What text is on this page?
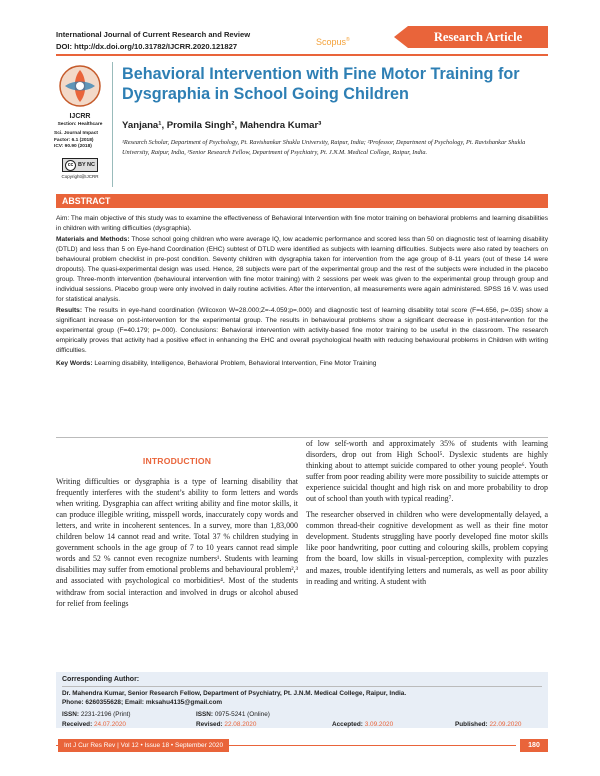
International Journal of Current Research and Review
DOI: http://dx.doi.org/10.31782/IJCRR.2020.121827	Scopus®	Research Article
IJCRR
Section: Healthcare
Sci. Journal Impact
Factor: 6.1 (2018)
ICV: 90.90 (2018)
cc BY NC
Copyright@IJCRR
Behavioral Intervention with Fine Motor Training for Dysgraphia in School Going Children
Yanjana¹, Promila Singh², Mahendra Kumar³
¹Research Scholar, Department of Psychology, Pt. Ravishankar Shukla University, Raipur, India; ²Professor, Department of Psychology, Pt. Ravishankar Shukla University, Raipur, India, ³Senior Research Fellow, Department of Psychiatry, Pt. J.N.M. Medical College, Raipur, India.
ABSTRACT

Aim: The main objective of this study was to examine the effectiveness of Behavioral Intervention with fine motor training on behavioral problems and learning disabilities in children with writing difficulties (dysgraphia).

Materials and Methods: Those school going children who were average IQ, low academic performance and scored less than 50 on diagnostic test of learning disability (DTLD) and less than 5 on Eye-hand Coordination (EHC) subtest of DTLD were identified as subjects with learning difficulties. Subjects were also rated by teachers on behavioural problem checklist in pre-post condition. Seventy children with dysgraphia taken for intervention from the age group of 8-11 years (out of these 14 were dropouts). The quasi-experimental design was used. Hence, 28 subjects were part of the experimental group and the rest of the subjects were included in the placebo group. Three-month intervention (behavioural intervention with fine motor training) with 2 sessions per week was given to the experimental group through group and individual sessions. Placebo group were only involved in daily routine activities. After the intervention, all measurements were again administered. SPSS 16 V. was used for statistical analysis.

Results: The results in eye-hand coordination (Wilcoxon W=28.000;Z=-4.059;p=.000) and diagnostic test of learning disability total score (F=4.656, p=.035) show a significant increase on post-intervention for the experimental group. The results in behavioural problems show a significant decrease in post-intervention for the experimental group (F=40.179; p=.000). Conclusions: Behavioral intervention with activity-based fine motor training to be useful in the classroom. The research empirically proves that activity had a positive effect in enhancing the EHC and overall psychological health with reducing behavioural problems in Children with writing difficulties.

Key Words: Learning disability, Intelligence, Behavioral Problem, Behavioral Intervention, Fine Motor Training

INTRODUCTION

Writing difficulties or dysgraphia is a type of learning disability that frequently interferes with the student’s ability to form letters and words when writing. Dysgraphia can affect writing ability and fine motor skills, it can produce illegible writing, misspell words, inaccurately copy words and letters, and write in incoherent sentences. In a survey, more than 1,83,000 children below 14 cannot read and write. Total 37 % children studying in government schools in the age group of 7 to 10 years cannot read simple words and 52 % cannot even recognize numbers¹. Students with learning disabilities may suffer from emotional problems and behavioural problem²,³ and associated with psychological co morbidities⁴. Most of the students withdraw from social interaction and involved in drugs or alcohol abused for relief from feelings

of low self-worth and approximately 35% of students with learning disorders, drop out from High School⁵. Dyslexic students are highly thinking about to attempt suicide compared to other young people⁶. Youth suffer from poor reading ability were more possibility to suicide attempts or experience suicidal thought and high risk on and more probability to drop out of school than youth with typical reading⁷.

The researcher observed in children who were developmentally delayed, a common thread-their cognitive development as well as their fine motor development. Students struggling have poorly developed fine motor skills like poor handwriting, poor cutting and colouring skills, problem copying from the board, low skills in visual-perception, complexity with puzzles and mazes, trouble identifying letters and numerals, as well as poor ability in reading and writing. A student with

Corresponding Author:
Dr. Mahendra Kumar, Senior Research Fellow, Department of Psychiatry, Pt. J.N.M. Medical College, Raipur, India.
Phone: 6260355628; Email: mksahu4135@gmail.com
ISSN: 2231-2196 (Print)	ISSN: 0975-5241 (Online)
Received: 24.07.2020	Revised: 22.08.2020	Accepted: 3.09.2020	Published: 22.09.2020
Int J Cur Res Rev | Vol 12 • Issue 18 • September 2020	180
